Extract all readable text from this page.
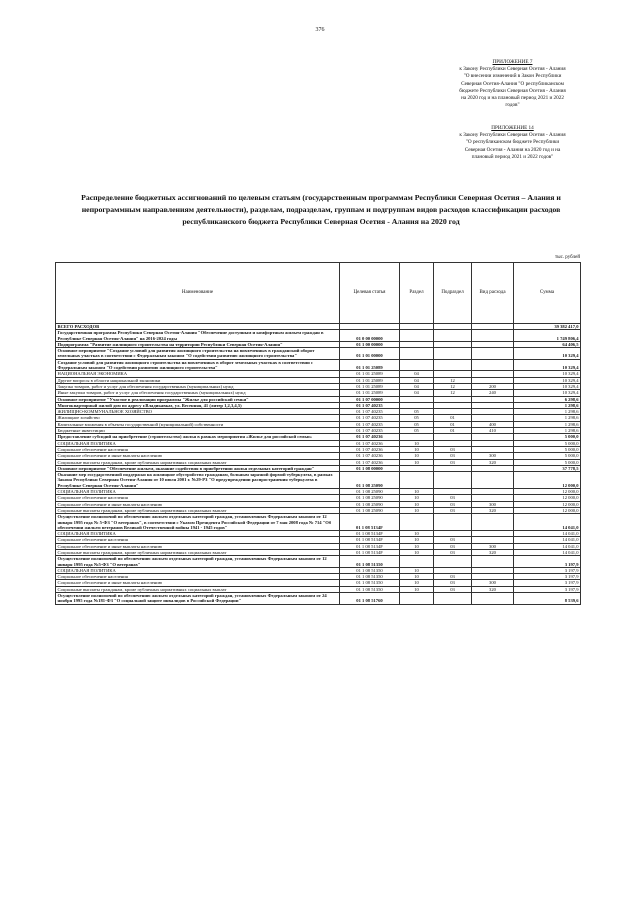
376
ПРИЛОЖЕНИЕ 7
к Закону Республики Северная Осетия - Алания
"О внесении изменений в Закон Республики
Северная Осетия-Алания "О республиканском
бюджете Республики Северная Осетия - Алания
на 2020 год и на плановый период 2021 и 2022
годов"
ПРИЛОЖЕНИЕ 14
к Закону Республики Северная Осетия - Алания
"О республиканском бюджете Республики
Северная Осетия - Алания на 2020 год и на
плановый период 2021 и 2022 годов"
Распределение бюджетных ассигнований по целевым статьям (государственным программам Республики Северная Осетия – Алания и непрограммным направлениям деятельности), разделам, подразделам, группам и подгруппам видов расходов классификации расходов республиканского бюджета Республики Северная Осетия - Алания на 2020 год
тыс. рублей
Наименование	Целевая статья	Раздел	Подраздел	Вид расхода	Сумма
ВСЕГО РАСХОДОВ					39 382 417,0
Государственная программа Республики Северная Осетия-Алания "Обеспечение доступным и комфортным жильем граждан в Республике Северная Осетия-Алания" на 2016-2024 годы	01 0 00 00000				1 749 806,4
Подпрограмма "Развитие жилищного строительства на территории Республики Северная Осетия-Алания"	01 1 00 00000				64 406,5
Основное мероприятие "Создание условий для развития жилищного строительства на вовлеченных в гражданский оборот земельных участках в соответствии с Федеральным законом "О содействии развитию жилищного строительства"	01 1 01 00000				10 329,4
Создание условий для развития жилищного строительства на вовлеченных в оборот земельных участках в соответствии с Федеральным законом "О содействии развитию жилищного строительства"	01 1 01 25089				10 329,4
НАЦИОНАЛЬНАЯ ЭКОНОМИКА	01 1 01 25089	04			10 329,4
Другие вопросы в области национальной экономики	01 1 01 25089	04	12		10 329,4
Закупка товаров, работ и услуг для обеспечения государственных (муниципальных) нужд	01 1 01 25089	04	12	200	10 329,4
Иные закупки товаров, работ и услуг для обеспечения государственных (муниципальных) нужд	01 1 01 25089	04	12	240	10 329,4
Основное мероприятие "Участие в реализации программы "Жилье для российской семьи"	01 1 07 00000				6 298,6
Многоквартирный жилой дом по адресу г.Владикавказ, ул. Весенняя, 41 (литер 1,2,3,4,5)	01 1 07 40235				1 298,6
ЖИЛИЩНО-КОММУНАЛЬНОЕ ХОЗЯЙСТВО	01 1 07 40235	05			1 298,6
Жилищное хозяйство	01 1 07 40235	05	01		1 298,6
Капитальные вложения в объекты государственной (муниципальной) собственности	01 1 07 40235	05	01	400	1 298,6
Бюджетные инвестиции	01 1 07 40235	05	01	410	1 298,6
Предоставление субсидий на приобретение (строительство) жилья в рамках мероприятия «Жилье для российской семьи»	01 1 07 40236				5 000,0
СОЦИАЛЬНАЯ ПОЛИТИКА	01 1 07 40236	10			5 000,0
Социальное обеспечение населения	01 1 07 40236	10	03		5 000,0
Социальное обеспечение и иные выплаты населению	01 1 07 40236	10	03	300	5 000,0
Социальные выплаты гражданам, кроме публичных нормативных социальных выплат	01 1 07 40236	10	03	320	5 000,0
Основное мероприятие "Обеспечение жильем, оказание содействия в приобретении жилья отдельных категорий граждан"	01 1 08 00000				37 778,5
Оказание мер государственной поддержки на жилищное обустройство гражданам, больным заразной формой туберкулеза, в рамках Закона Республики Северная Осетия-Алания от 10 июля 2001 г. №29-РЗ "О предупреждении распространения туберкулеза в Республике Северная Осетия-Алания"	01 1 08 25090				12 000,0
СОЦИАЛЬНАЯ ПОЛИТИКА	01 1 08 25090	10			12 000,0
Социальное обеспечение населения	01 1 08 25090	10	03		12 000,0
Социальное обеспечение и иные выплаты населению	01 1 08 25090	10	03	300	12 000,0
Социальные выплаты гражданам, кроме публичных нормативных социальных выплат	01 1 08 25090	10	03	320	12 000,0
Осуществление полномочий по обеспечению жильем отдельных категорий граждан, установленных Федеральным законом от 12 января 1995 года № 5-ФЗ "О ветеранах", в соответствии с Указом Президента Российской Федерации от 7 мая 2008 года № 714 "Об обеспечении жильем ветеранов Великой Отечественной войны 1941 - 1945 годов"	01 1 08 5134F				14 041,0
СОЦИАЛЬНАЯ ПОЛИТИКА	01 1 08 5134F	10			14 041,0
Социальное обеспечение населения	01 1 08 5134F	10	03		14 041,0
Социальное обеспечение и иные выплаты населению	01 1 08 5134F	10	03	300	14 041,0
Социальные выплаты гражданам, кроме публичных нормативных социальных выплат	01 1 08 5134F	10	03	320	14 041,0
Осуществление полномочий по обеспечению жильем отдельных категорий граждан, установленных Федеральным законом от 12 января 1995 года №5-ФЗ "О ветеранах"	01 1 08 51350				3 197,9
СОЦИАЛЬНАЯ ПОЛИТИКА	01 1 08 51350	10			3 197,9
Социальное обеспечение населения	01 1 08 51350	10	03		3 197,9
Социальное обеспечение и иные выплаты населению	01 1 08 51350	10	03	300	3 197,9
Социальные выплаты гражданам, кроме публичных нормативных социальных выплат	01 1 08 51350	10	03	320	3 197,9
Осуществление полномочий по обеспечению жильем отдельных категорий граждан, установленных Федеральным законом от 24 ноября 1995 года №181-ФЗ "О социальной защите инвалидов в Российской Федерации"	01 1 08 51760				8 539,6
